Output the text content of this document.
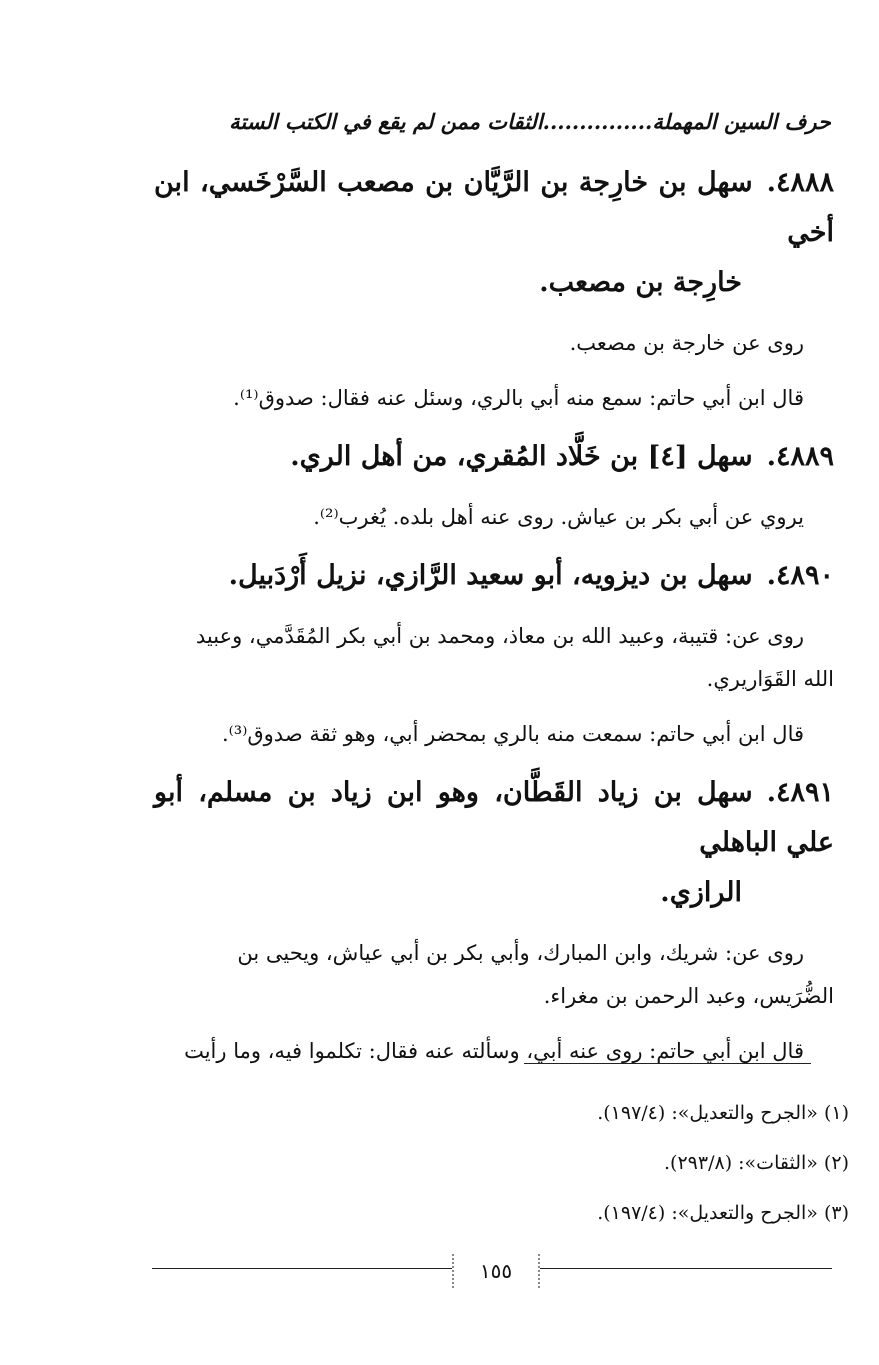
حرف السين المهملة...............الثقات ممن لم يقع في الكتب الستة
٤٨٨٨.سهل بن خارِجة بن الرَّيَّان بن مصعب السَّرْخَسي، ابن أخي
خارِجة بن مصعب.

روى عن خارجة بن مصعب.

قال ابن أبي حاتم: سمع منه أبي بالري، وسئل عنه فقال: صدوق⁽¹⁾.

٤٨٨٩.سهل [٤] بن خَلَّاد المُقري، من أهل الري.

يروي عن أبي بكر بن عياش. روى عنه أهل بلده. يُغرب⁽²⁾.

٤٨٩٠.سهل بن ديزويه، أبو سعيد الرَّازي، نزيل أَرْدَبيل.

روى عن: قتيبة، وعبيد الله بن معاذ، ومحمد بن أبي بكر المُقَدَّمي، وعبيد
الله القَوَاريري.

قال ابن أبي حاتم: سمعت منه بالري بمحضر أبي، وهو ثقة صدوق⁽³⁾.

٤٨٩١.سهل بن زياد القَطَّان، وهو ابن زياد بن مسلم، أبو علي الباهلي
الرازي.

روى عن: شريك، وابن المبارك، وأبي بكر بن أبي عياش، ويحيى بن
الضُّرَيس، وعبد الرحمن بن مغراء.

قال ابن أبي حاتم: روى عنه أبي، وسألته عنه فقال: تكلموا فيه، وما رأيت

(١) «الجرح والتعديل»: (١٩٧/٤).
(٢) «الثقات»: (٢٩٣/٨).
(٣) «الجرح والتعديل»: (١٩٧/٤).
١٥٥
